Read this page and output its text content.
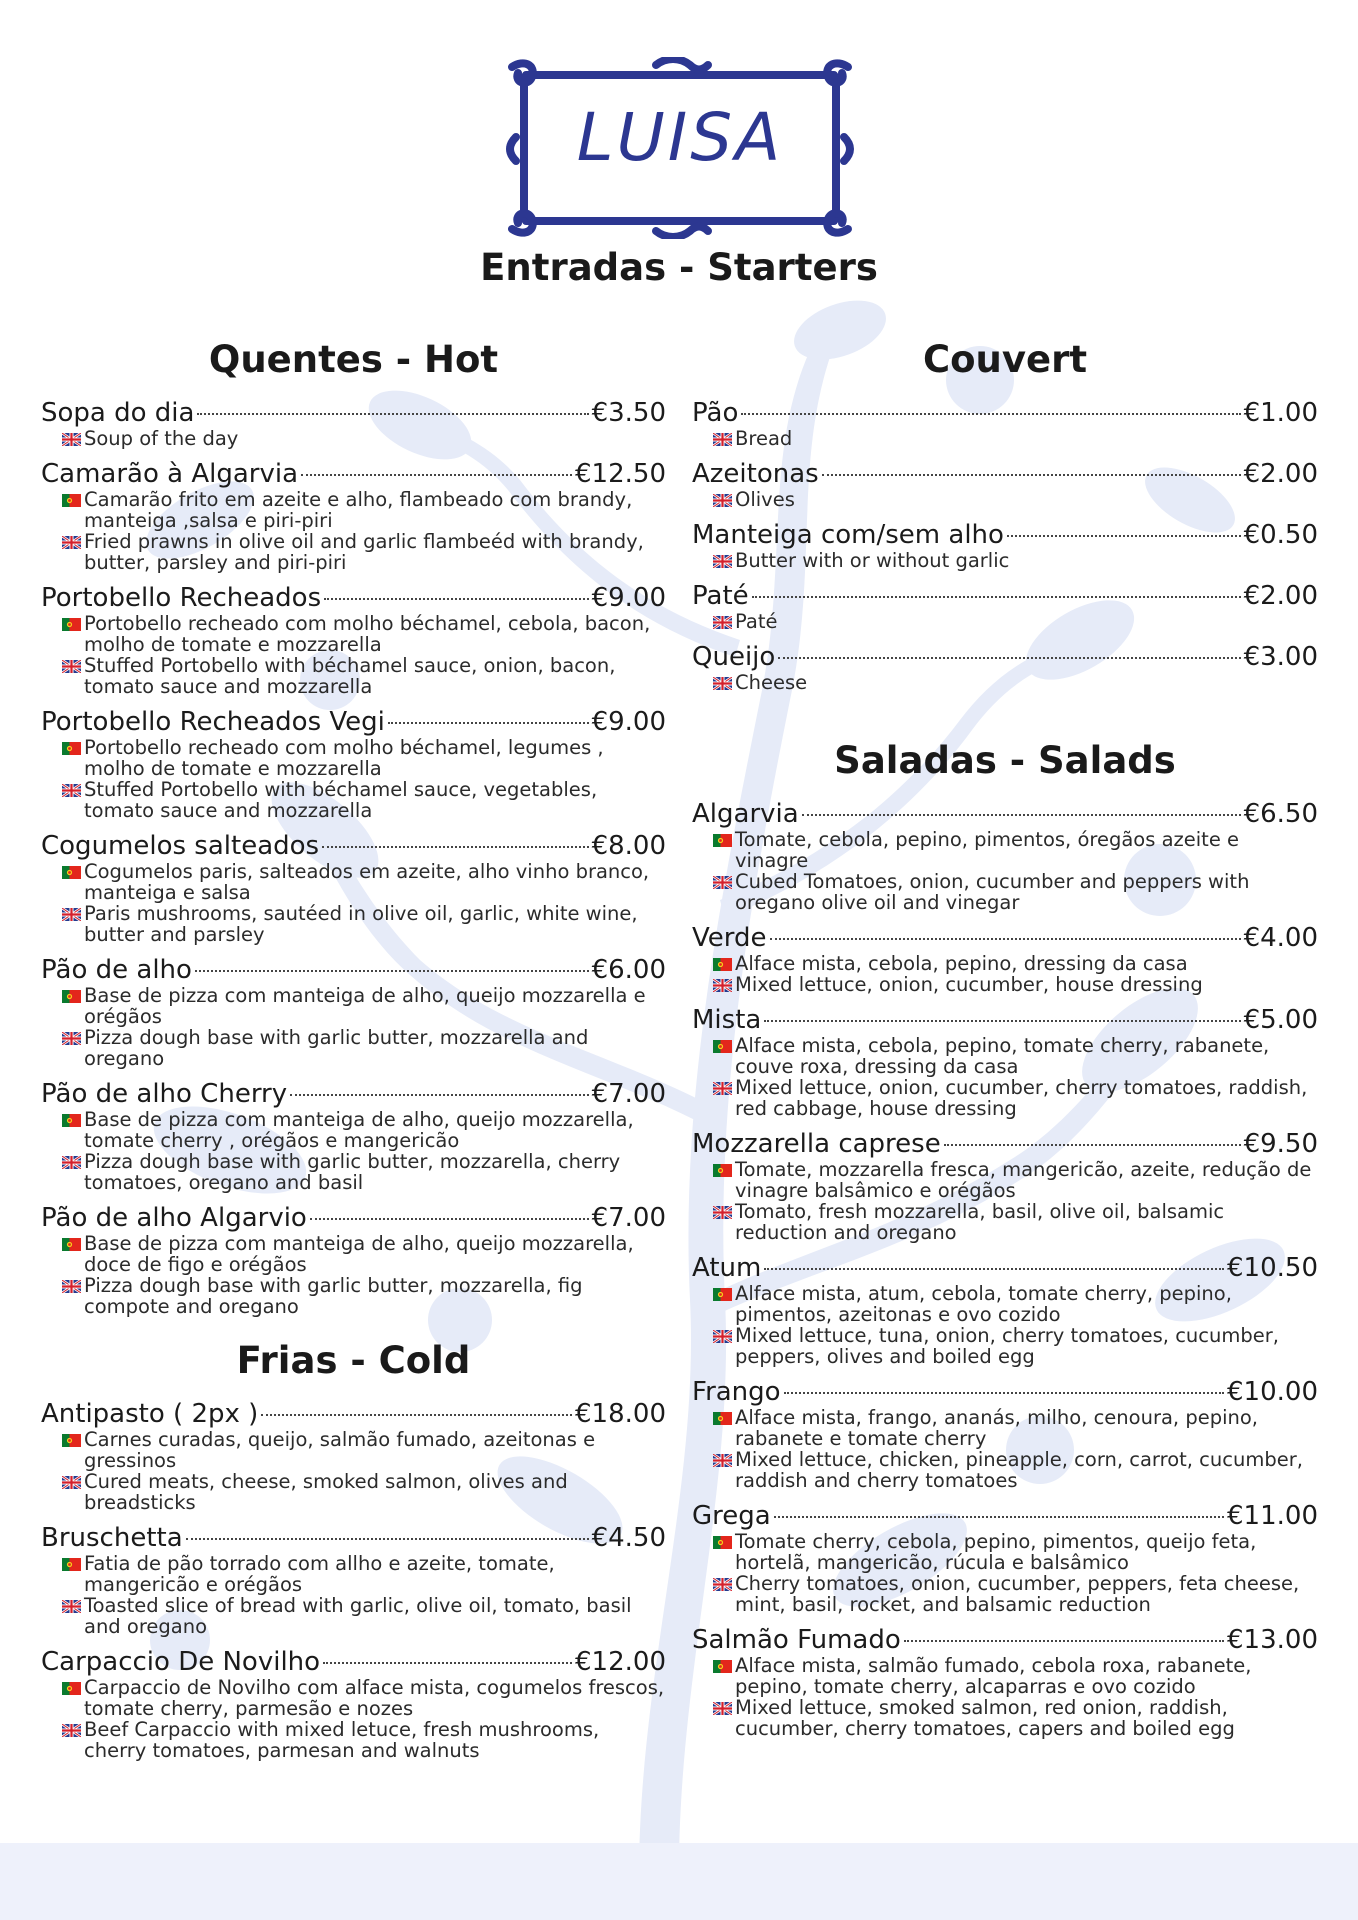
LUISA
Entradas - Starters
Quentes - Hot
Sopa do dia	€3.50
Soup of the day
Camarão à Algarvia	€12.50
Camarão frito em azeite e alho, flambeado com brandy, manteiga ,salsa e piri-piri
Fried prawns in olive oil and garlic flambeéd with brandy, butter, parsley and piri-piri
Portobello Recheados	€9.00
Portobello recheado com molho béchamel, cebola, bacon, molho de tomate e mozzarella
Stuffed Portobello with béchamel sauce, onion, bacon, tomato sauce and mozzarella
Portobello Recheados Vegi	€9.00
Portobello recheado com molho béchamel, legumes , molho de tomate e mozzarella
Stuffed Portobello with béchamel sauce, vegetables, tomato sauce and mozzarella
Cogumelos salteados	€8.00
Cogumelos paris, salteados em azeite, alho vinho branco, manteiga e salsa
Paris mushrooms, sautéed in olive oil, garlic, white wine, butter and parsley
Pão de alho	€6.00
Base de pizza com manteiga de alho, queijo mozzarella e orégãos
Pizza dough base with garlic butter, mozzarella and oregano
Pão de alho Cherry	€7.00
Base de pizza com manteiga de alho, queijo mozzarella, tomate cherry , orégãos e mangericão
Pizza dough base with garlic butter, mozzarella, cherry tomatoes, oregano and basil
Pão de alho Algarvio	€7.00
Base de pizza com manteiga de alho, queijo mozzarella, doce de figo e orégãos
Pizza dough base with garlic butter, mozzarella, fig compote and oregano
Frias - Cold
Antipasto ( 2px )	€18.00
Carnes curadas, queijo, salmão fumado, azeitonas e gressinos
Cured meats, cheese, smoked salmon, olives and breadsticks
Bruschetta	€4.50
Fatia de pão torrado com allho e azeite, tomate, mangericão e orégãos
Toasted slice of bread with garlic, olive oil, tomato, basil and oregano
Carpaccio De Novilho	€12.00
Carpaccio de Novilho com alface mista, cogumelos frescos, tomate cherry, parmesão e nozes
Beef Carpaccio with mixed letuce, fresh mushrooms, cherry tomatoes, parmesan and walnuts
Couvert
Pão	€1.00
Bread
Azeitonas	€2.00
Olives
Manteiga com/sem alho	€0.50
Butter with or without garlic
Paté	€2.00
Paté
Queijo	€3.00
Cheese
Saladas - Salads
Algarvia	€6.50
Tomate, cebola, pepino, pimentos, óregãos azeite e vinagre
Cubed Tomatoes, onion, cucumber and peppers with oregano olive oil and vinegar
Verde	€4.00
Alface mista, cebola, pepino, dressing da casa
Mixed lettuce, onion, cucumber, house dressing
Mista	€5.00
Alface mista, cebola, pepino, tomate cherry, rabanete, couve roxa, dressing da casa
Mixed lettuce, onion, cucumber, cherry tomatoes, raddish, red cabbage, house dressing
Mozzarella caprese	€9.50
Tomate, mozzarella fresca, mangericão, azeite, redução de vinagre balsâmico e orégãos
Tomato, fresh mozzarella, basil, olive oil, balsamic reduction and oregano
Atum	€10.50
Alface mista, atum, cebola, tomate cherry, pepino, pimentos, azeitonas e ovo cozido
Mixed lettuce, tuna, onion, cherry tomatoes, cucumber, peppers, olives and boiled egg
Frango	€10.00
Alface mista, frango, ananás, milho, cenoura, pepino, rabanete e tomate cherry
Mixed lettuce, chicken, pineapple, corn, carrot, cucumber, raddish and cherry tomatoes
Grega	€11.00
Tomate cherry, cebola, pepino, pimentos, queijo feta, hortelã, mangericão, rúcula e balsâmico
Cherry tomatoes, onion, cucumber, peppers, feta cheese, mint, basil, rocket, and balsamic reduction
Salmão Fumado	€13.00
Alface mista, salmão fumado, cebola roxa, rabanete, pepino, tomate cherry, alcaparras e ovo cozido
Mixed lettuce, smoked salmon, red onion, raddish, cucumber, cherry tomatoes, capers and boiled egg
